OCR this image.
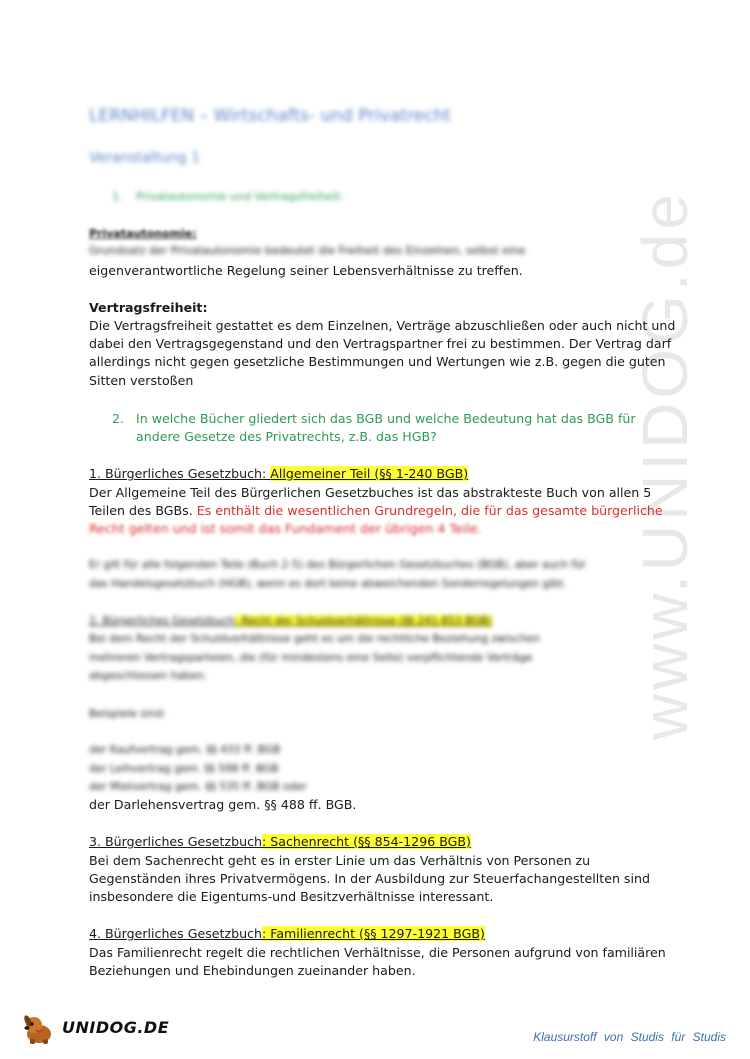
www.UNIDOG.de
LERNHILFEN – Wirtschafts- und Privatrecht
Veranstaltung 1
1. Privatautonomie und Vertragsfreiheit:
Privatautonomie:
Grundsatz der Privatautonomie bedeutet die Freiheit des Einzelnen, selbst eine
eigenverantwortliche Regelung seiner Lebensverhältnisse zu treffen.
Vertragsfreiheit:
Die Vertragsfreiheit gestattet es dem Einzelnen, Verträge abzuschließen oder auch nicht und
dabei den Vertragsgegenstand und den Vertragspartner frei zu bestimmen. Der Vertrag darf
allerdings nicht gegen gesetzliche Bestimmungen und Wertungen wie z.B. gegen die guten
Sitten verstoßen
2. In welche Bücher gliedert sich das BGB und welche Bedeutung hat das BGB für
andere Gesetze des Privatrechts, z.B. das HGB?
1. Bürgerliches Gesetzbuch: Allgemeiner Teil (§§ 1-240 BGB)
Der Allgemeine Teil des Bürgerlichen Gesetzbuches ist das abstrakteste Buch von allen 5
Teilen des BGBs. Es enthält die wesentlichen Grundregeln, die für das gesamte bürgerliche
Recht gelten und ist somit das Fundament der übrigen 4 Teile.
Er gilt für alle folgenden Teile (Buch 2-5) des Bürgerlichen Gesetzbuches (BGB), aber auch für
das Handelsgesetzbuch (HGB), wenn es dort keine abweichenden Sonderregelungen gibt.
2. Bürgerliches Gesetzbuch: Recht der Schuldverhältnisse (§§ 241-853 BGB)
Bei dem Recht der Schuldverhältnisse geht es um die rechtliche Beziehung zwischen
mehreren Vertragsparteien, die (für mindestens eine Seite) verpflichtende Verträge
abgeschlossen haben.
Beispiele sind:
der Kaufvertrag gem. §§ 433 ff. BGB
der Leihvertrag gem. §§ 598 ff. BGB
der Mietvertrag gem. §§ 535 ff. BGB oder
der Darlehensvertrag gem. §§ 488 ff. BGB.
3. Bürgerliches Gesetzbuch: Sachenrecht (§§ 854-1296 BGB)
Bei dem Sachenrecht geht es in erster Linie um das Verhältnis von Personen zu
Gegenständen ihres Privatvermögens. In der Ausbildung zur Steuerfachangestellten sind
insbesondere die Eigentums-und Besitzverhältnisse interessant.
4. Bürgerliches Gesetzbuch: Familienrecht (§§ 1297-1921 BGB)
Das Familienrecht regelt die rechtlichen Verhältnisse, die Personen aufgrund von familiären
Beziehungen und Ehebindungen zueinander haben.
UNIDOG.DE	Klausurstoff von Studis für Studis
